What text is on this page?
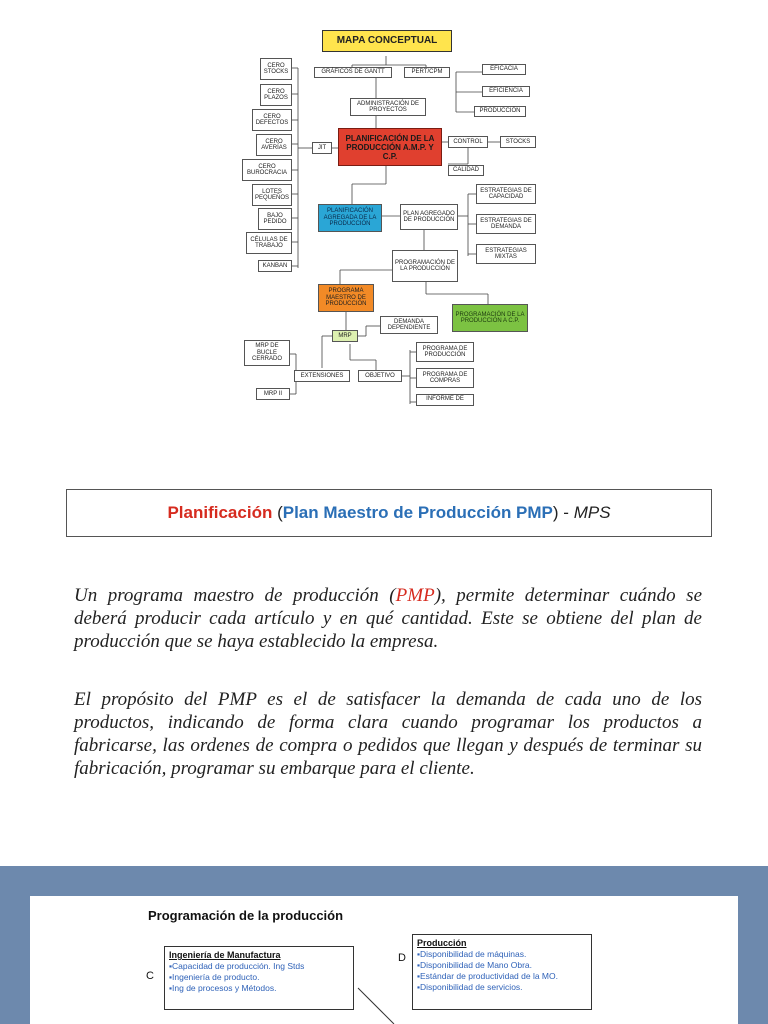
MAPA CONCEPTUAL
CERO STOCKS
CERO PLAZOS
CERO DEFECTOS
CERO AVERÍAS
CERO BUROCRACIA
LOTES PEQUEÑOS
BAJO PEDIDO
CÉLULAS DE TRABAJO
KANBAN
JIT
GRÁFICOS DE GANTT	PERT/CPM
ADMINISTRACIÓN DE PROYECTOS
EFICACIA
EFICIENCIA
PRODUCCIÓN
PLANIFICACIÓN DE LA PRODUCCIÓN A.M.P. Y C.P.
CONTROL	STOCKS
CALIDAD
PLANIFICACIÓN AGREGADA DE LA PRODUCCIÓN
PLAN AGREGADO DE PRODUCCIÓN
ESTRATEGIAS DE CAPACIDAD
ESTRATEGIAS DE DEMANDA
ESTRATEGIAS MIXTAS
PROGRAMACIÓN DE LA PRODUCCIÓN
PROGRAMA MAESTRO DE PRODUCCIÓN
PROGRAMACIÓN DE LA PRODUCCIÓN A C.P.
MRP
DEMANDA DEPENDIENTE
MRP DE BUCLE CERRADO
EXTENSIONES	OBJETIVO
MRP II
PROGRAMA DE PRODUCCIÓN
PROGRAMA DE COMPRAS
INFORME DE
Planificación ( Plan Maestro de Producción PMP ) - MPS

Un programa maestro de producción (PMP), permite determinar cuándo se deberá producir cada artículo y en qué cantidad. Este se obtiene del plan de producción que se haya establecido la empresa.

El propósito del PMP es el de satisfacer la demanda de cada uno de los productos, indicando de forma clara cuando programar los productos a fabricarse, las ordenes de compra o pedidos que llegan y después de terminar su fabricación, programar su embarque para el cliente.

Programación de la producción
C
D
Ingeniería de Manufactura
▪Capacidad de producción. Ing Stds
▪Ingeniería de producto.
▪Ing de procesos y Métodos.
Producción
▪Disponibilidad de máquinas.
▪Disponibilidad de Mano Obra.
▪Estándar de productividad de la MO.
▪Disponibilidad de servicios.
